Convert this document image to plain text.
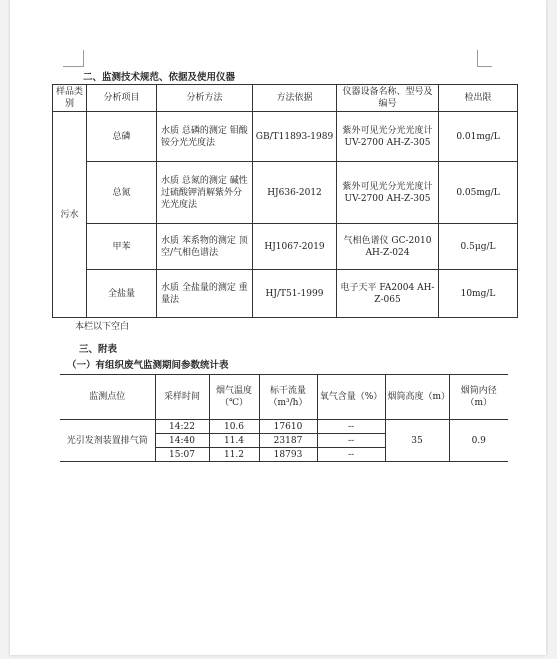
二、监测技术规范、依据及使用仪器
样品类别	分析项目	分析方法	方法依据	仪器设备名称、型号及编号	检出限
污水	总磷	水质 总磷的测定 钼酸铵分光光度法	GB/T11893-1989	紫外可见光分光光度计 UV-2700 AH-Z-305	0.01mg/L
	总氮	水质 总氮的测定 碱性过硫酸钾消解紫外分光光度法	HJ636-2012	紫外可见光分光光度计 UV-2700 AH-Z-305	0.05mg/L
	甲苯	水质 苯系物的测定 顶空/气相色谱法	HJ1067-2019	气相色谱仪 GC-2010 AH-Z-024	0.5μg/L
	全盐量	水质 全盐量的测定 重量法	HJ/T51-1999	电子天平 FA2004 AH-Z-065	10mg/L
本栏以下空白
三、附表
（一）有组织废气监测期间参数统计表
监测点位	采样时间	烟气温度（℃）	标干流量（m³/h）	氧气含量（%）	烟筒高度（m）	烟筒内径（m）
光引发剂装置排气筒	14:22	10.6	17610	--	35	0.9
	14:40	11.4	23187	--		
	15:07	11.2	18793	--		
